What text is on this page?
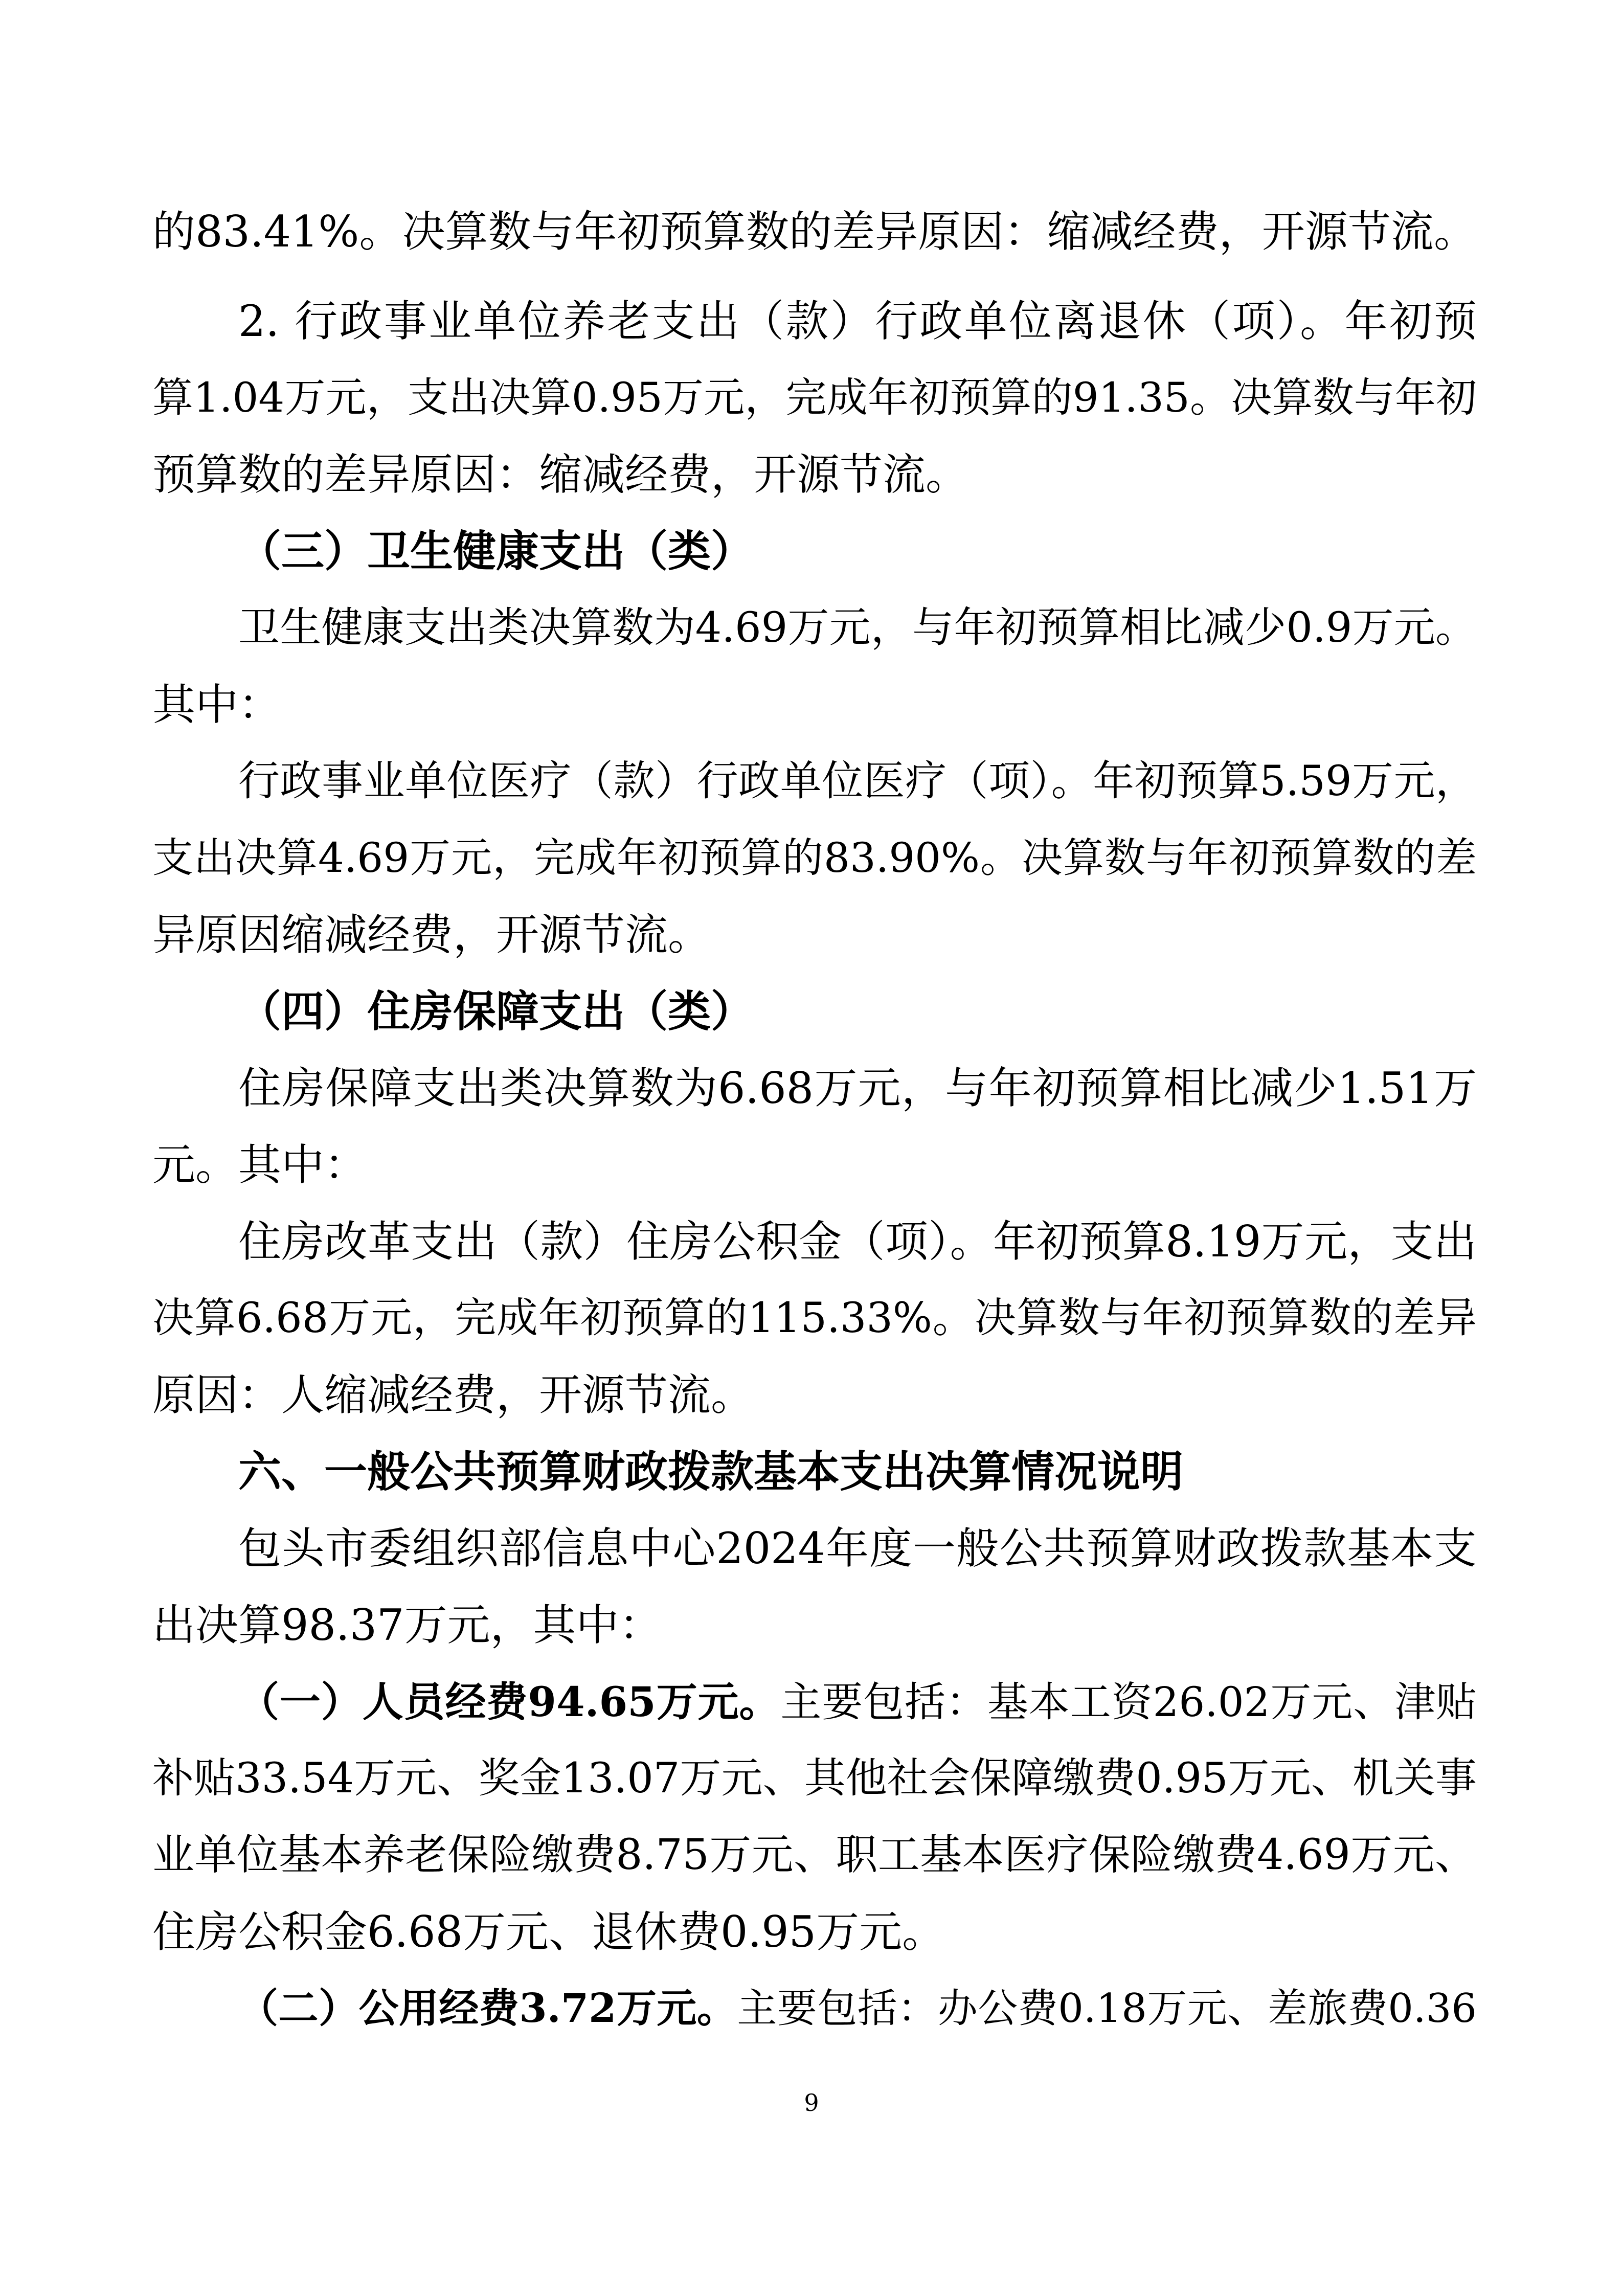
的83.41%。决算数与年初预算数的差异原因：缩减经费，开源节流。
2. 行政事业单位养老支出（款）行政单位离退休（项）。年初预
算1.04万元，支出决算0.95万元，完成年初预算的91.35。决算数与年初
预算数的差异原因：缩减经费，开源节流。
（三）卫生健康支出（类）
卫生健康支出类决算数为4.69万元，与年初预算相比减少0.9万元。
其中：
行政事业单位医疗（款）行政单位医疗（项）。年初预算5.59万元，
支出决算4.69万元，完成年初预算的83.90%。决算数与年初预算数的差
异原因缩减经费，开源节流。
（四）住房保障支出（类）
住房保障支出类决算数为6.68万元，与年初预算相比减少1.51万
元。其中：
住房改革支出（款）住房公积金（项）。年初预算8.19万元，支出
决算6.68万元，完成年初预算的115.33%。决算数与年初预算数的差异
原因：人缩减经费，开源节流。
六、一般公共预算财政拨款基本支出决算情况说明
包头市委组织部信息中心2024年度一般公共预算财政拨款基本支
出决算98.37万元，其中：
（一）人员经费94.65万元。主要包括：基本工资26.02万元、津贴
补贴33.54万元、奖金13.07万元、其他社会保障缴费0.95万元、机关事
业单位基本养老保险缴费8.75万元、职工基本医疗保险缴费4.69万元、
住房公积金6.68万元、退休费0.95万元。
（二）公用经费3.72万元。主要包括：办公费0.18万元、差旅费0.36
9
